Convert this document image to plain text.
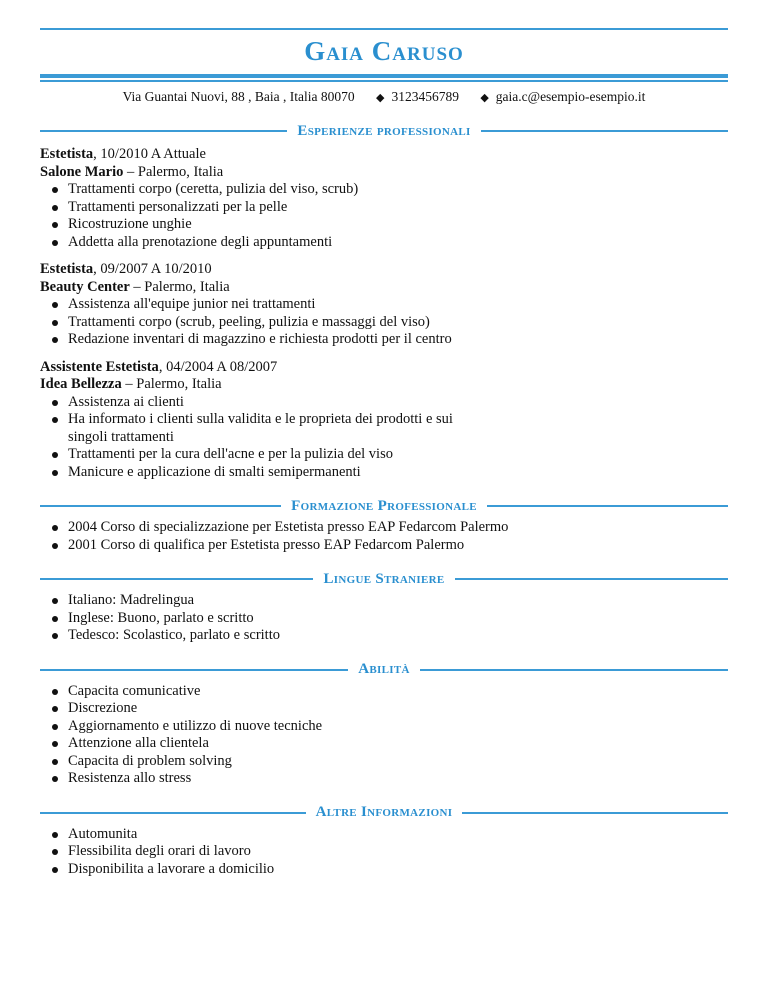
Gaia Caruso
Via Guantai Nuovi, 88 , Baia , Italia 80070 ◆ 3123456789 ◆ gaia.c@esempio-esempio.it
Esperienze professionali
Estetista, 10/2010 A Attuale
Salone Mario – Palermo, Italia
Trattamenti corpo (ceretta, pulizia del viso, scrub)
Trattamenti personalizzati per la pelle
Ricostruzione unghie
Addetta alla prenotazione degli appuntamenti
Estetista, 09/2007 A 10/2010
Beauty Center – Palermo, Italia
Assistenza all'equipe junior nei trattamenti
Trattamenti corpo (scrub, peeling, pulizia e massaggi del viso)
Redazione inventari di magazzino e richiesta prodotti per il centro
Assistente Estetista, 04/2004 A 08/2007
Idea Bellezza – Palermo, Italia
Assistenza ai clienti
Ha informato i clienti sulla validita e le proprieta dei prodotti e sui singoli trattamenti
Trattamenti per la cura dell'acne e per la pulizia del viso
Manicure e applicazione di smalti semipermanenti
Formazione Professionale
2004 Corso di specializzazione per Estetista presso EAP Fedarcom Palermo
2001 Corso di qualifica per Estetista presso EAP Fedarcom Palermo
Lingue Straniere
Italiano: Madrelingua
Inglese: Buono, parlato e scritto
Tedesco: Scolastico, parlato e scritto
Abilità
Capacita comunicative
Discrezione
Aggiornamento e utilizzo di nuove tecniche
Attenzione alla clientela
Capacita di problem solving
Resistenza allo stress
Altre Informazioni
Automunita
Flessibilita degli orari di lavoro
Disponibilita a lavorare a domicilio
